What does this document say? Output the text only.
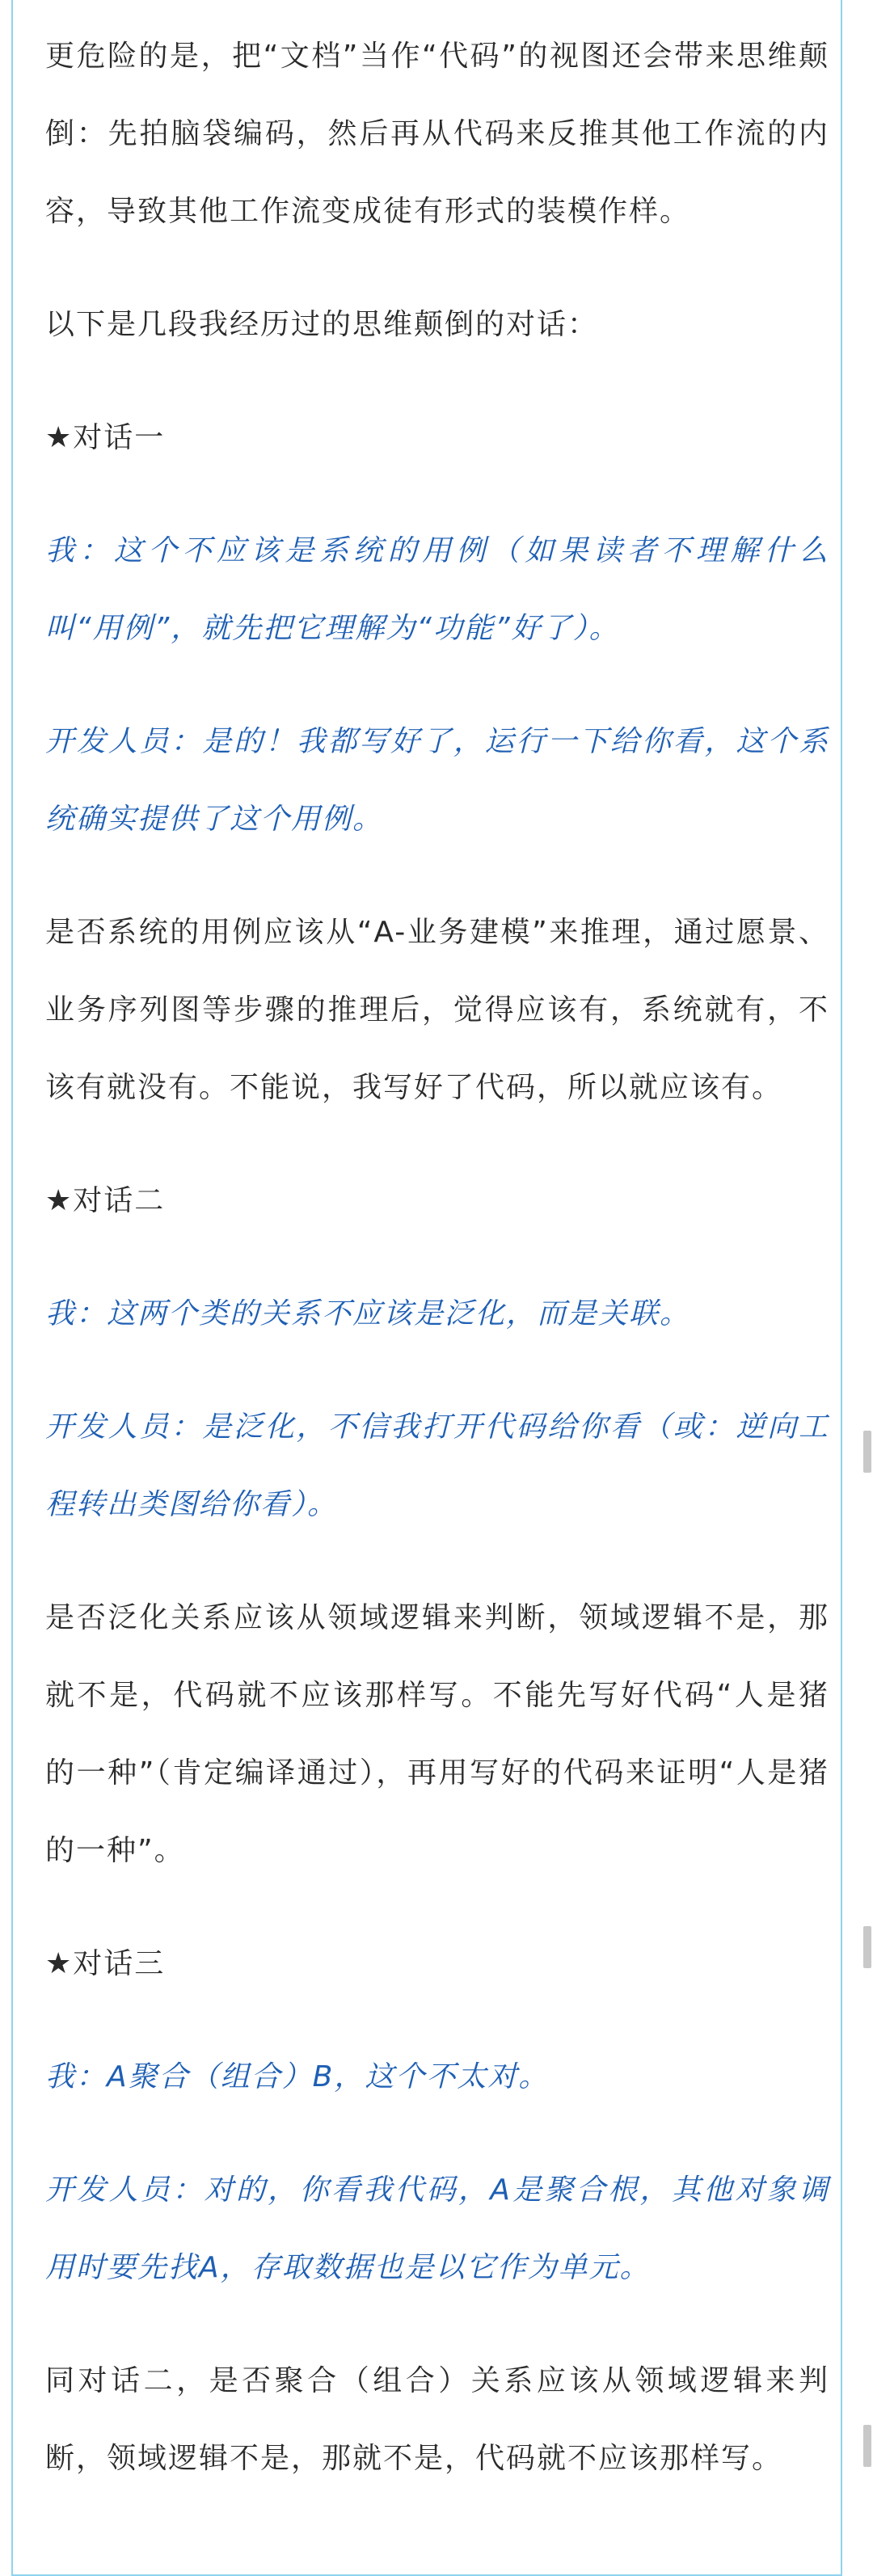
更危险的是，把“文档”当作“代码”的视图还会带来思维颠倒：先拍脑袋编码，然后再从代码来反推其他工作流的内容，导致其他工作流变成徒有形式的装模作样。

以下是几段我经历过的思维颠倒的对话：

★对话一

我：这个不应该是系统的用例（如果读者不理解什么叫“用例”，就先把它理解为“功能”好了）。

开发人员：是的！我都写好了，运行一下给你看，这个系统确实提供了这个用例。

是否系统的用例应该从“A-业务建模”来推理，通过愿景、业务序列图等步骤的推理后，觉得应该有，系统就有，不该有就没有。不能说，我写好了代码，所以就应该有。

★对话二

我：这两个类的关系不应该是泛化，而是关联。

开发人员：是泛化，不信我打开代码给你看（或：逆向工程转出类图给你看）。

是否泛化关系应该从领域逻辑来判断，领域逻辑不是，那就不是，代码就不应该那样写。不能先写好代码“人是猪的一种”（肯定编译通过），再用写好的代码来证明“人是猪的一种”。

★对话三

我：A聚合（组合）B，这个不太对。

开发人员：对的，你看我代码，A是聚合根，其他对象调用时要先找A，存取数据也是以它作为单元。

同对话二，是否聚合（组合）关系应该从领域逻辑来判断，领域逻辑不是，那就不是，代码就不应该那样写。
